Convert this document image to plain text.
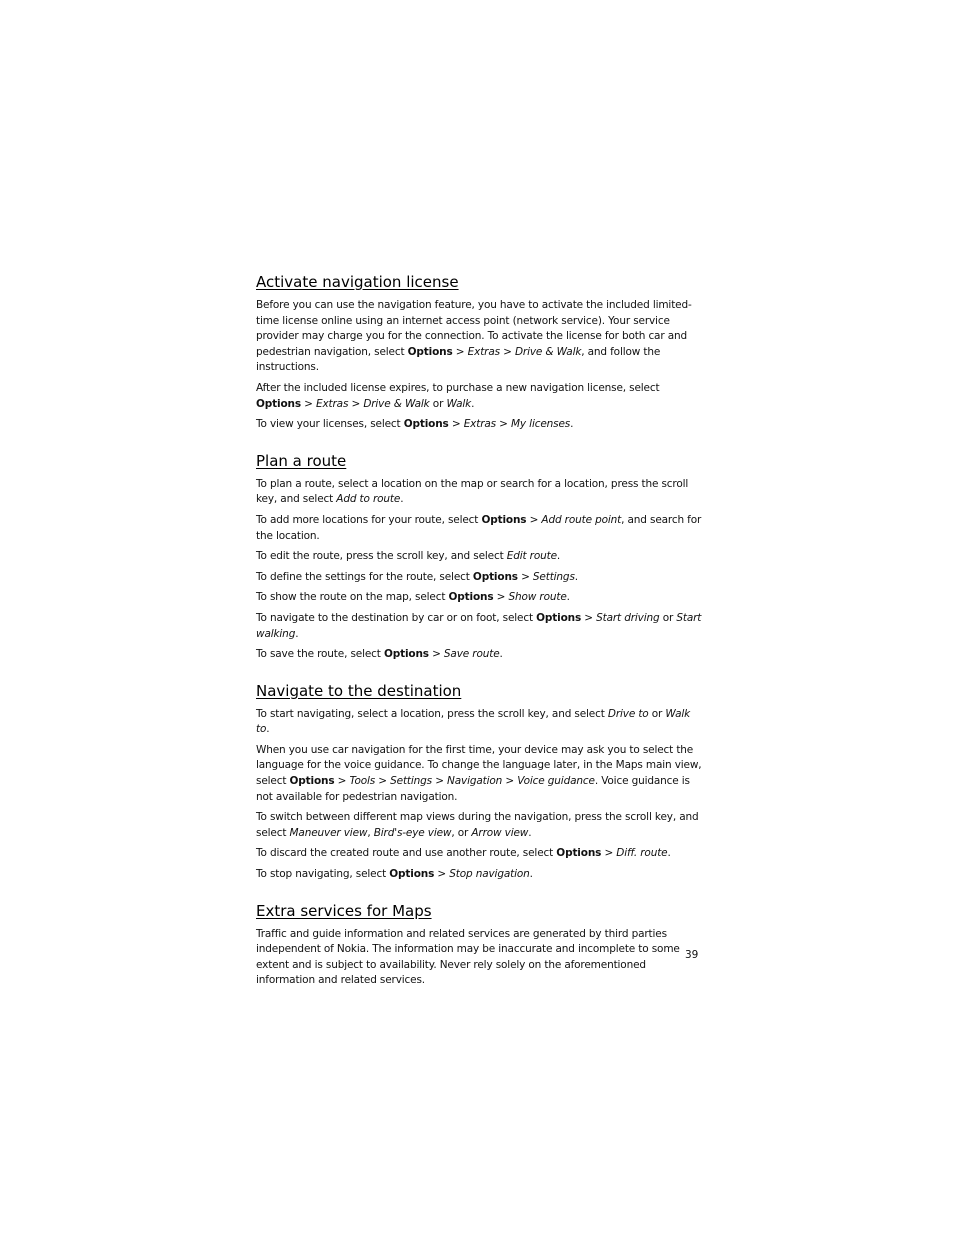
Activate navigation license

Before you can use the navigation feature, you have to activate the included limited-time license online using an internet access point (network service). Your service provider may charge you for the connection. To activate the license for both car and pedestrian navigation, select Options > Extras > Drive & Walk, and follow the instructions.

After the included license expires, to purchase a new navigation license, select Options > Extras > Drive & Walk or Walk.

To view your licenses, select Options > Extras > My licenses.

Plan a route

To plan a route, select a location on the map or search for a location, press the scroll key, and select Add to route.

To add more locations for your route, select Options > Add route point, and search for the location.

To edit the route, press the scroll key, and select Edit route.

To define the settings for the route, select Options > Settings.

To show the route on the map, select Options > Show route.

To navigate to the destination by car or on foot, select Options > Start driving or Start walking.

To save the route, select Options > Save route.

Navigate to the destination

To start navigating, select a location, press the scroll key, and select Drive to or Walk to.

When you use car navigation for the first time, your device may ask you to select the language for the voice guidance. To change the language later, in the Maps main view, select Options > Tools > Settings > Navigation > Voice guidance. Voice guidance is not available for pedestrian navigation.

To switch between different map views during the navigation, press the scroll key, and select Maneuver view, Bird's-eye view, or Arrow view.

To discard the created route and use another route, select Options > Diff. route.

To stop navigating, select Options > Stop navigation.

Extra services for Maps

Traffic and guide information and related services are generated by third parties independent of Nokia. The information may be inaccurate and incomplete to some extent and is subject to availability. Never rely solely on the aforementioned information and related services.

39
